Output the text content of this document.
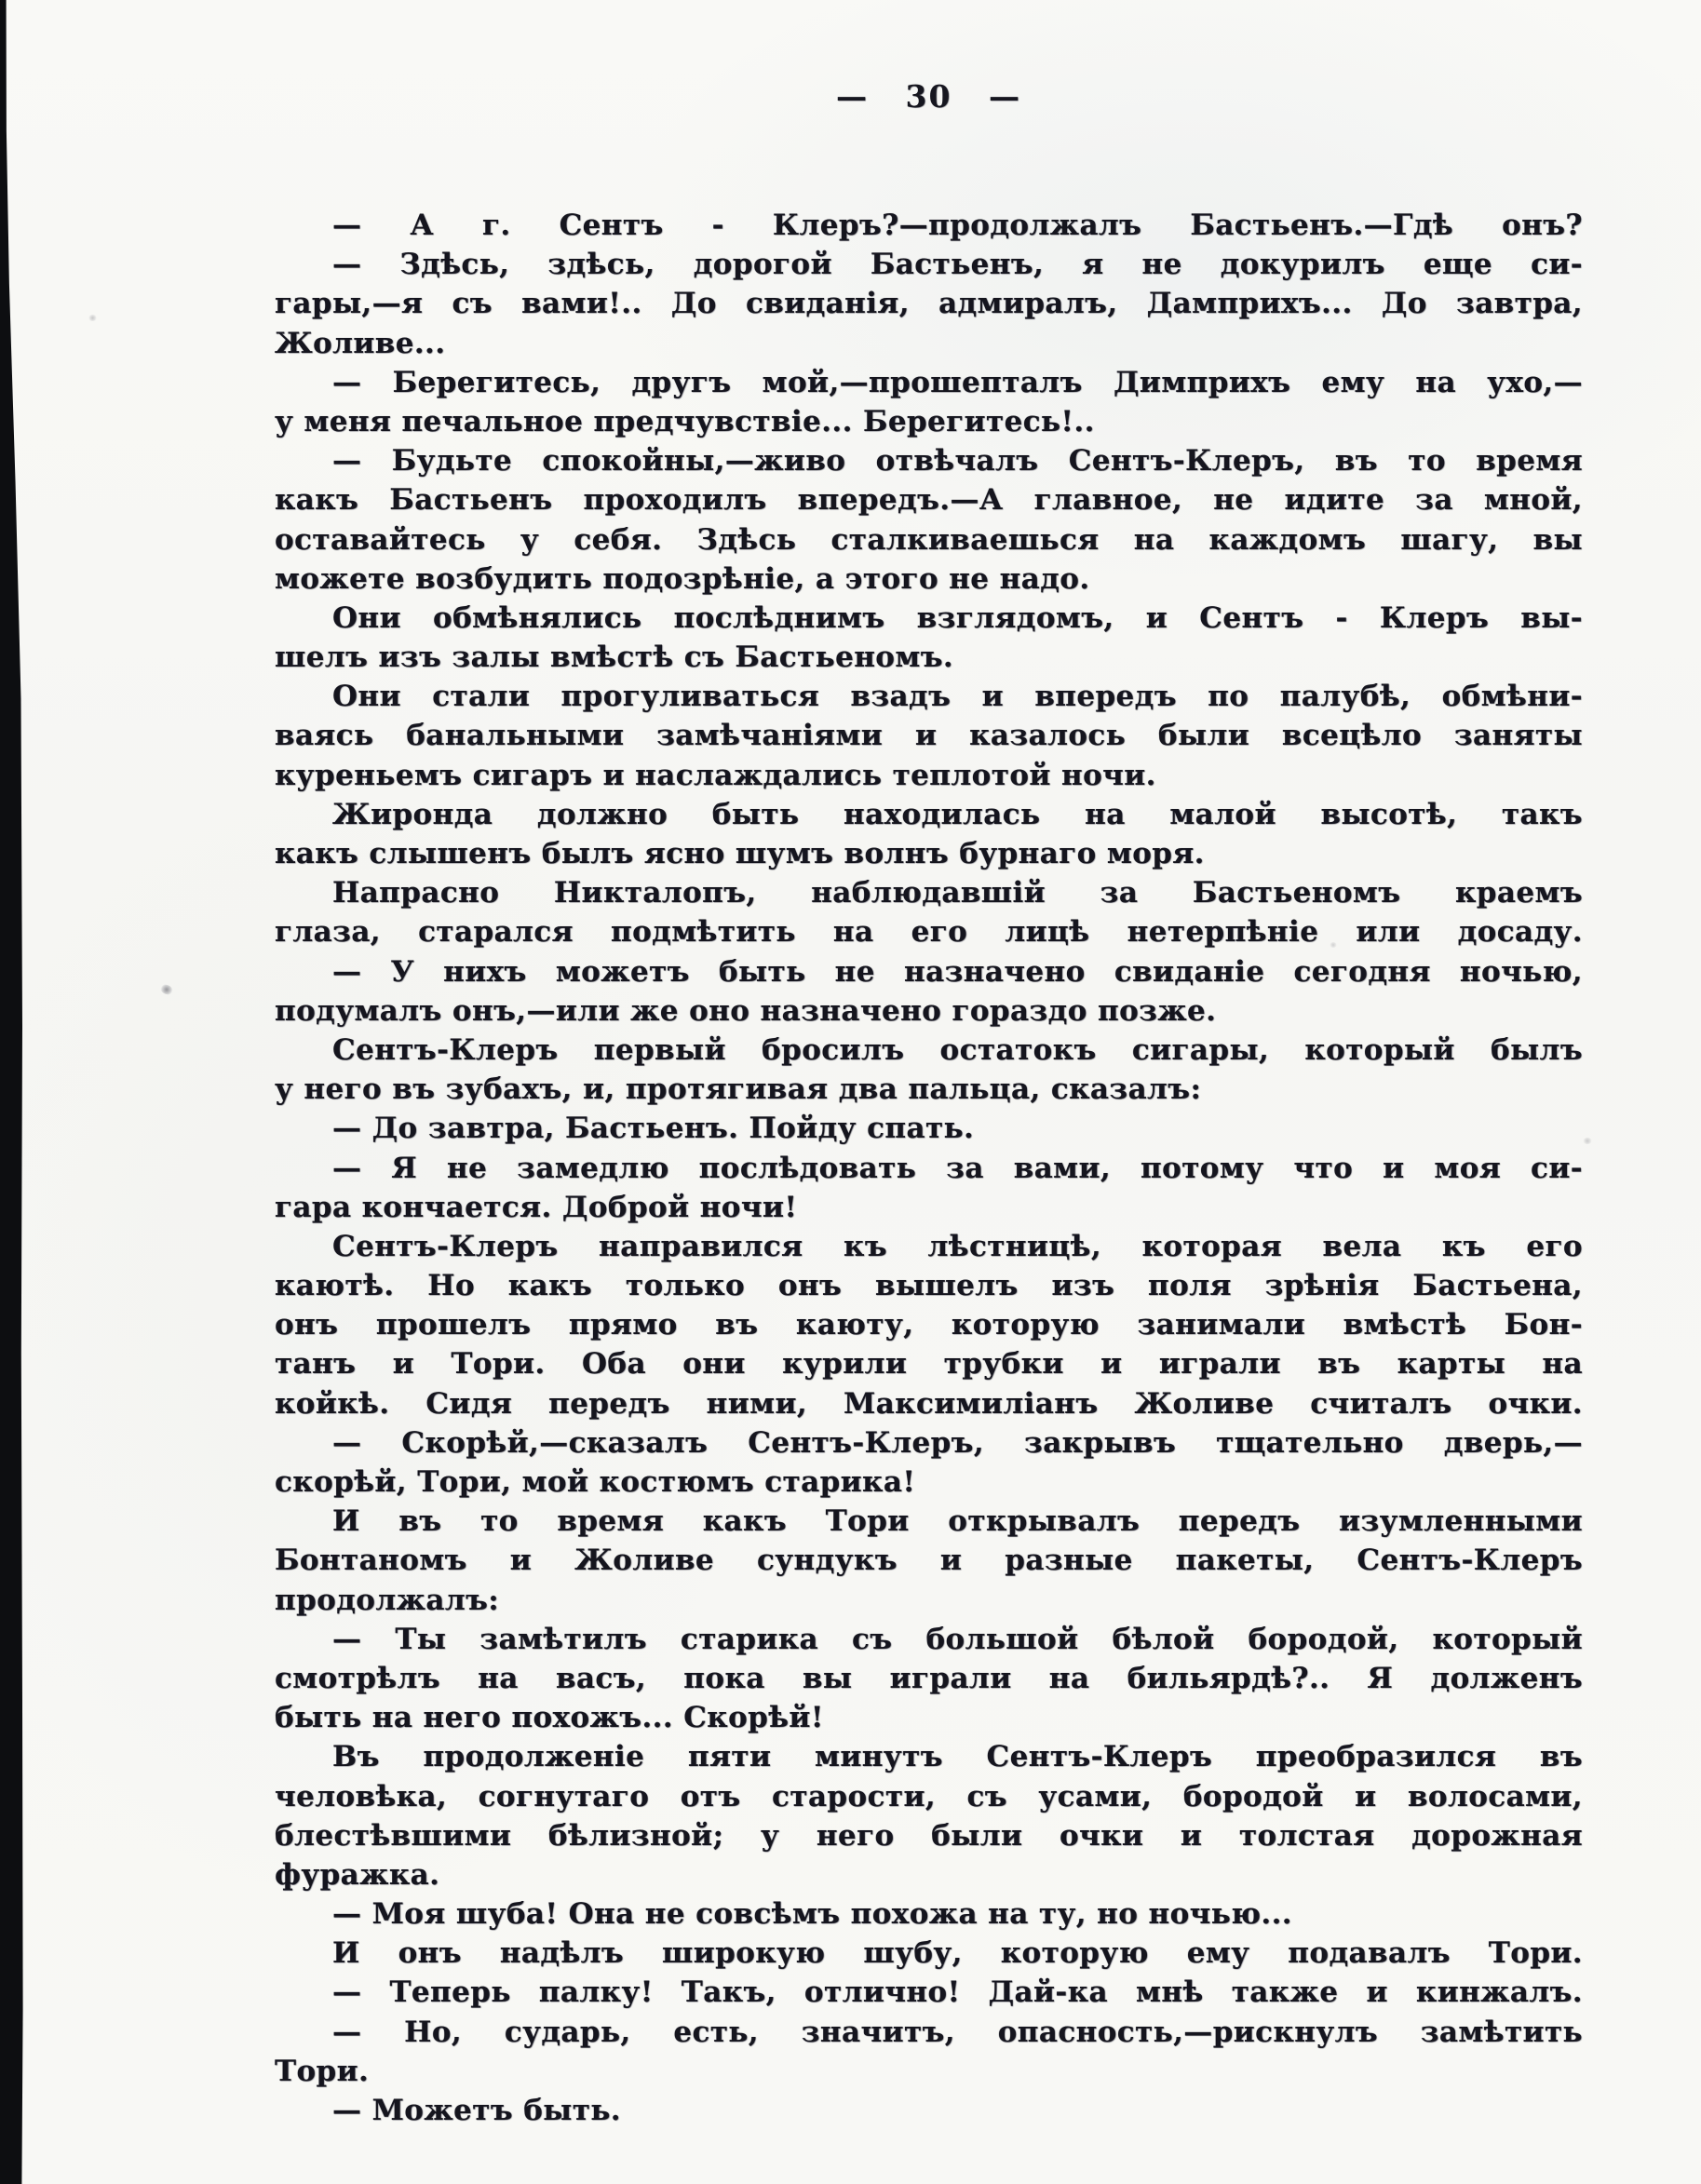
— 30 —
— А г. Сентъ - Клеръ?—продолжалъ Бастьенъ.—Гдѣ онъ?
— Здѣсь, здѣсь, дорогой Бастьенъ, я не докурилъ еще си-
гары,—я съ вами!.. До свиданія, адмиралъ, Дамприхъ... До завтра,
Жоливе...
— Берегитесь, другъ мой,—прошепталъ Димприхъ ему на ухо,—
у меня печальное предчувствіе... Берегитесь!..
— Будьте спокойны,—живо отвѣчалъ Сентъ-Клеръ, въ то время
какъ Бастьенъ проходилъ впередъ.—А главное, не идите за мной,
оставайтесь у себя. Здѣсь сталкиваешься на каждомъ шагу, вы
можете возбудить подозрѣніе, а этого не надо.
Они обмѣнялись послѣднимъ взглядомъ, и Сентъ - Клеръ вы-
шелъ изъ залы вмѣстѣ съ Бастьеномъ.
Они стали прогуливаться взадъ и впередъ по палубѣ, обмѣни-
ваясь банальными замѣчаніями и казалось были всецѣло заняты
куреньемъ сигаръ и наслаждались теплотой ночи.
Жиронда должно быть находилась на малой высотѣ, такъ
какъ слышенъ былъ ясно шумъ волнъ бурнаго моря.
Напрасно Никталопъ, наблюдавшій за Бастьеномъ краемъ
глаза, старался подмѣтить на его лицѣ нетерпѣніе или досаду.
— У нихъ можетъ быть не назначено свиданіе сегодня ночью,
подумалъ онъ,—или же оно назначено гораздо позже.
Сентъ-Клеръ первый бросилъ остатокъ сигары, который былъ
у него въ зубахъ, и, протягивая два пальца, сказалъ:
— До завтра, Бастьенъ. Пойду спать.
— Я не замедлю послѣдовать за вами, потому что и моя си-
гара кончается. Доброй ночи!
Сентъ-Клеръ направился къ лѣстницѣ, которая вела къ его
каютѣ. Но какъ только онъ вышелъ изъ поля зрѣнія Бастьена,
онъ прошелъ прямо въ каюту, которую занимали вмѣстѣ Бон-
танъ и Тори. Оба они курили трубки и играли въ карты на
койкѣ. Сидя передъ ними, Максимиліанъ Жоливе считалъ очки.
— Скорѣй,—сказалъ Сентъ-Клеръ, закрывъ тщательно дверь,—
скорѣй, Тори, мой костюмъ старика!
И въ то время какъ Тори открывалъ передъ изумленными
Бонтаномъ и Жоливе сундукъ и разные пакеты, Сентъ-Клеръ
продолжалъ:
— Ты замѣтилъ старика съ большой бѣлой бородой, который
смотрѣлъ на васъ, пока вы играли на бильярдѣ?.. Я долженъ
быть на него похожъ... Скорѣй!
Въ продолженіе пяти минутъ Сентъ-Клеръ преобразился въ
человѣка, согнутаго отъ старости, съ усами, бородой и волосами,
блестѣвшими бѣлизной; у него были очки и толстая дорожная
фуражка.
— Моя шуба! Она не совсѣмъ похожа на ту, но ночью...
И онъ надѣлъ широкую шубу, которую ему подавалъ Тори.
— Теперь палку! Такъ, отлично! Дай-ка мнѣ также и кинжалъ.
— Но, сударь, есть, значитъ, опасность,—рискнулъ замѣтить
Тори.
— Можетъ быть.
